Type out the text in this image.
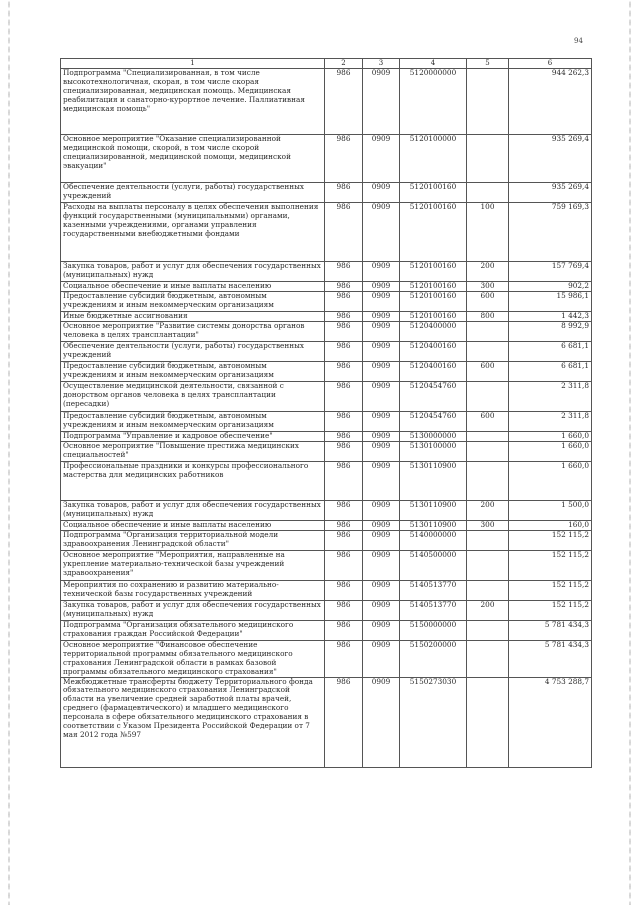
94
1	2	3	4	5	6
Подпрограмма "Специализированная, в том числе высокотехнологичная, скорая, в том числе скорая специализированная, медицинская помощь. Медицинская реабилитация и санаторно-курортное лечение. Паллиативная медицинская помощь"	986	0909	5120000000		944 262,3
Основное мероприятие "Оказание специализированной медицинской помощи, скорой, в том числе скорой специализированной, медицинской помощи, медицинской эвакуации"	986	0909	5120100000		935 269,4
Обеспечение деятельности (услуги, работы) государственных учреждений	986	0909	5120100160		935 269,4
Расходы на выплаты персоналу в целях обеспечения выполнения функций государственными (муниципальными) органами, казенными учреждениями, органами управления государственными внебюджетными фондами	986	0909	5120100160	100	759 169,3
Закупка товаров, работ и услуг для обеспечения государственных (муниципальных) нужд	986	0909	5120100160	200	157 769,4
Социальное обеспечение и иные выплаты населению	986	0909	5120100160	300	902,2
Предоставление субсидий бюджетным, автономным учреждениям и иным некоммерческим организациям	986	0909	5120100160	600	15 986,1
Иные бюджетные ассигнования	986	0909	5120100160	800	1 442,3
Основное мероприятие "Развитие системы донорства органов человека в целях трансплантации"	986	0909	5120400000		8 992,9
Обеспечение деятельности (услуги, работы) государственных учреждений	986	0909	5120400160		6 681,1
Предоставление субсидий бюджетным, автономным учреждениям и иным некоммерческим организациям	986	0909	5120400160	600	6 681,1
Осуществление медицинской деятельности, связанной с донорством органов человека в целях трансплантации (пересадки)	986	0909	5120454760		2 311,8
Предоставление субсидий бюджетным, автономным учреждениям и иным некоммерческим организациям	986	0909	5120454760	600	2 311,8
Подпрограмма "Управление и кадровое обеспечение"	986	0909	5130000000		1 660,0
Основное мероприятие "Повышение престижа медицинских специальностей"	986	0909	5130100000		1 660,0
Профессиональные праздники и конкурсы профессионального мастерства для медицинских работников	986	0909	5130110900		1 660,0
Закупка товаров, работ и услуг для обеспечения государственных (муниципальных) нужд	986	0909	5130110900	200	1 500,0
Социальное обеспечение и иные выплаты населению	986	0909	5130110900	300	160,0
Подпрограмма "Организация территориальной модели здравоохранения Ленинградской области"	986	0909	5140000000		152 115,2
Основное мероприятие "Мероприятия, направленные на укрепление материально-технической базы учреждений здравоохранения"	986	0909	5140500000		152 115,2
Мероприятия по сохранению и развитию материально-технической базы государственных учреждений	986	0909	5140513770		152 115,2
Закупка товаров, работ и услуг для обеспечения государственных (муниципальных) нужд	986	0909	5140513770	200	152 115,2
Подпрограмма "Организация обязательного медицинского страхования граждан Российской Федерации"	986	0909	5150000000		5 781 434,3
Основное мероприятие "Финансовое обеспечение территориальной программы обязательного медицинского страхования Ленинградской области в рамках базовой программы обязательного медицинского страхования"	986	0909	5150200000		5 781 434,3
Межбюджетные трансферты бюджету Территориального фонда обязательного медицинского страхования Ленинградской области на увеличение средней заработной платы врачей, среднего (фармацевтического) и младшего медицинского персонала в сфере обязательного медицинского страхования в соответствии с Указом Президента Российской Федерации от 7 мая 2012 года №597	986	0909	5150273030		4 753 288,7
